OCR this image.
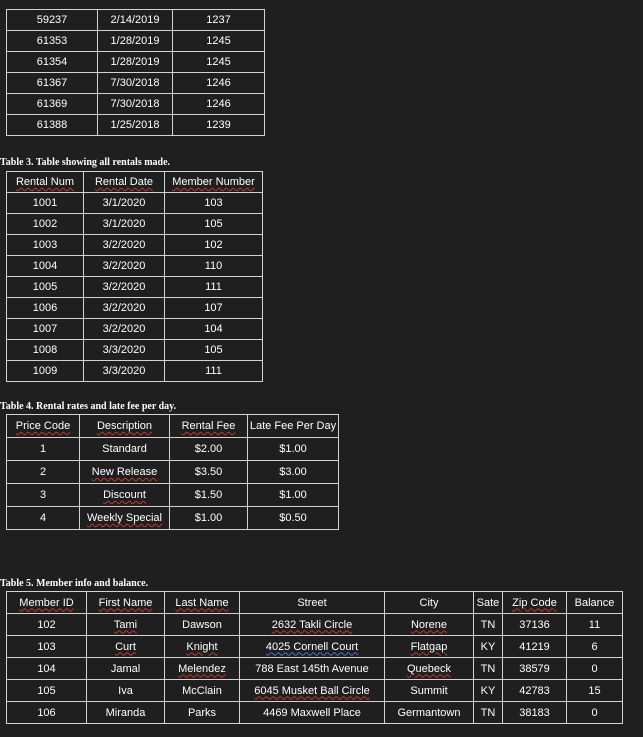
59237	2/14/2019	1237
61353	1/28/2019	1245
61354	1/28/2019	1245
61367	7/30/2018	1246
61369	7/30/2018	1246
61388	1/25/2018	1239
Table 3. Table showing all rentals made.
Rental Num	Rental Date	Member Number
1001	3/1/2020	103
1002	3/1/2020	105
1003	3/2/2020	102
1004	3/2/2020	110
1005	3/2/2020	111
1006	3/2/2020	107
1007	3/2/2020	104
1008	3/3/2020	105
1009	3/3/2020	111
Table 4. Rental rates and late fee per day.
Price Code	Description	Rental Fee	Late Fee Per Day
1	Standard	$2.00	$1.00
2	New Release	$3.50	$3.00
3	Discount	$1.50	$1.00
4	Weekly Special	$1.00	$0.50
Table 5. Member info and balance.
Member ID	First Name	Last Name	Street	City	Sate	Zip Code	Balance
102	Tami	Dawson	2632 Takli Circle	Norene	TN	37136	11
103	Curt	Knight	4025 Cornell Court	Flatgap	KY	41219	6
104	Jamal	Melendez	788 East 145th Avenue	Quebeck	TN	38579	0
105	Iva	McClain	6045 Musket Ball Circle	Summit	KY	42783	15
106	Miranda	Parks	4469 Maxwell Place	Germantown	TN	38183	0
